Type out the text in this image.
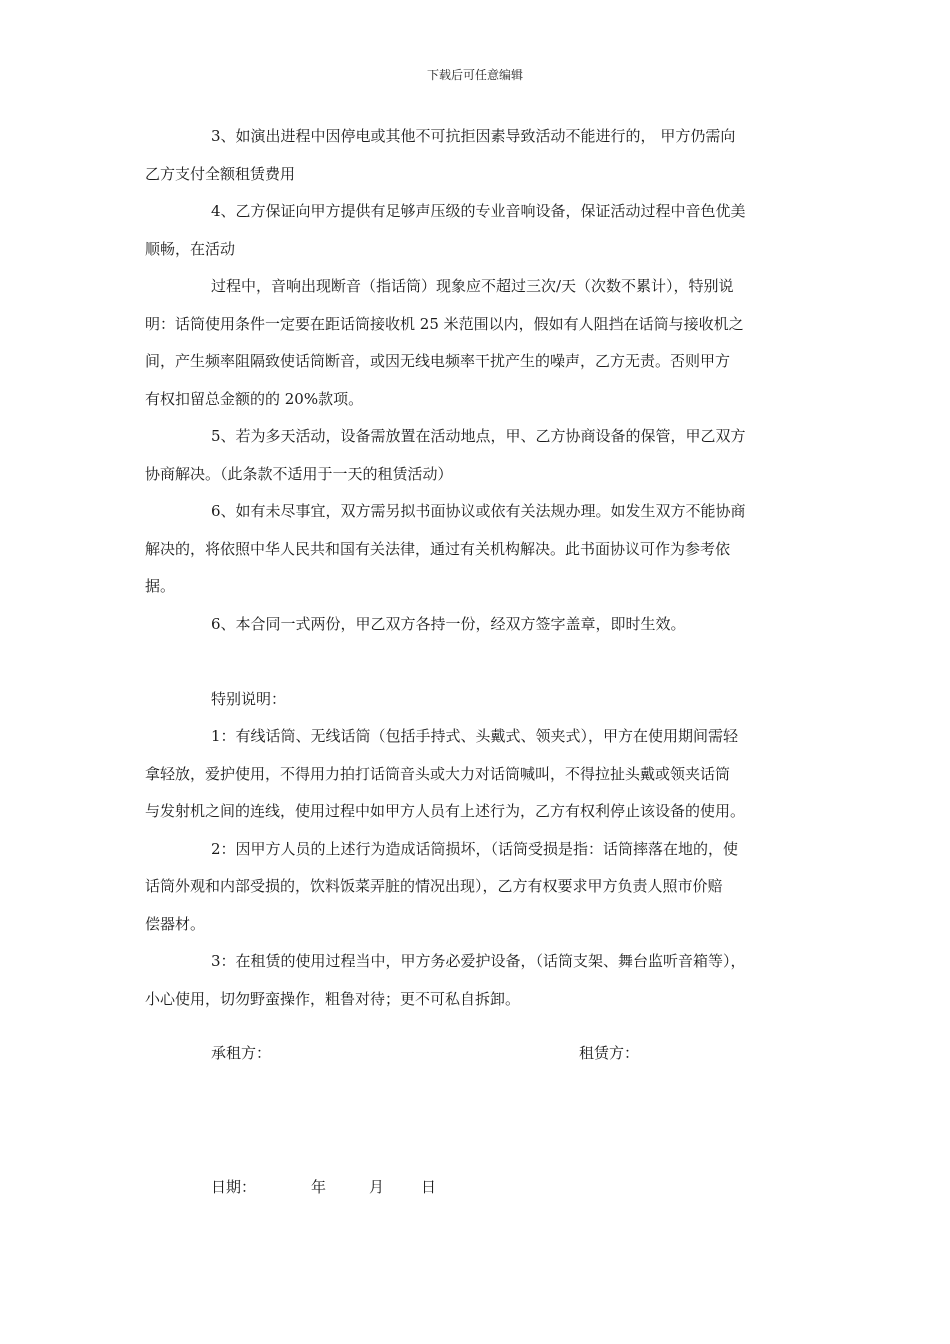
下载后可任意编辑
3、如演出进程中因停电或其他不可抗拒因素导致活动不能进行的， 甲方仍需向
乙方支付全额租赁费用
4、乙方保证向甲方提供有足够声压级的专业音响设备，保证活动过程中音色优美
顺畅，在活动
过程中，音响出现断音（指话筒）现象应不超过三次/天（次数不累计），特别说
明：话筒使用条件一定要在距话筒接收机 25 米范围以内，假如有人阻挡在话筒与接收机之
间，产生频率阻隔致使话筒断音，或因无线电频率干扰产生的噪声，乙方无责。否则甲方
有权扣留总金额的的 20%款项。
5、若为多天活动，设备需放置在活动地点，甲、乙方协商设备的保管，甲乙双方
协商解决。（此条款不适用于一天的租赁活动）
6、如有未尽事宜，双方需另拟书面协议或依有关法规办理。如发生双方不能协商
解决的，将依照中华人民共和国有关法律，通过有关机构解决。此书面协议可作为参考依
据。
6、本合同一式两份，甲乙双方各持一份，经双方签字盖章，即时生效。
特别说明：
1：有线话筒、无线话筒（包括手持式、头戴式、领夹式），甲方在使用期间需轻
拿轻放，爱护使用，不得用力拍打话筒音头或大力对话筒喊叫，不得拉扯头戴或领夹话筒
与发射机之间的连线，使用过程中如甲方人员有上述行为，乙方有权利停止该设备的使用。
2：因甲方人员的上述行为造成话筒损坏，（话筒受损是指：话筒摔落在地的，使
话筒外观和内部受损的，饮料饭菜弄脏的情况出现），乙方有权要求甲方负责人照市价赔
偿器材。
3：在租赁的使用过程当中，甲方务必爱护设备，（话筒支架、舞台监听音箱等），
小心使用，切勿野蛮操作，粗鲁对待；更不可私自拆卸。
承租方：	租赁方：
日期：	年	月 日
